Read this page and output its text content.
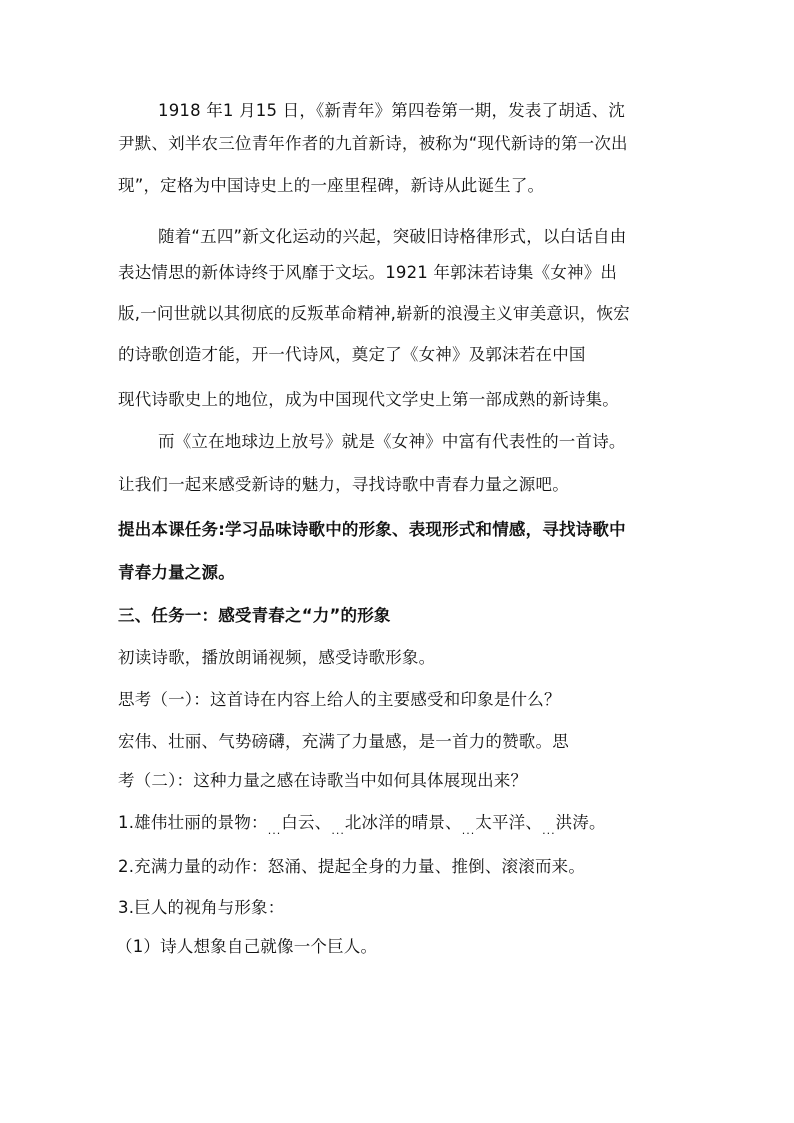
1918 年1 月15 日，《新青年》第四卷第一期，发表了胡适、沈
尹默、刘半农三位青年作者的九首新诗，被称为“现代新诗的第一次出
现”，定格为中国诗史上的一座里程碑，新诗从此诞生了。
随着“五四”新文化运动的兴起，突破旧诗格律形式，以白话自由
表达情思的新体诗终于风靡于文坛。1921 年郭沫若诗集《女神》出
版,一问世就以其彻底的反叛革命精神,崭新的浪漫主义审美意识，恢宏
的诗歌创造才能，开一代诗风，奠定了《女神》及郭沫若在中国
现代诗歌史上的地位，成为中国现代文学史上第一部成熟的新诗集。
而《立在地球边上放号》就是《女神》中富有代表性的一首诗。
让我们一起来感受新诗的魅力，寻找诗歌中青春力量之源吧。
提出本课任务:学习品味诗歌中的形象、表现形式和情感，寻找诗歌中
青春力量之源。
三、任务一：感受青春之“力”的形象
初读诗歌，播放朗诵视频，感受诗歌形象。
思考（一）：这首诗在内容上给人的主要感受和印象是什么？
宏伟、壮丽、气势磅礴，充满了力量感，是一首力的赞歌。思
考（二）：这种力量之感在诗歌当中如何具体展现出来？
1.雄伟壮丽的景物：$_{...}$白云、$_{...}$北冰洋的晴景、$_{...}$太平洋、$_{...}$洪涛。
2.充满力量的动作：怒涌、提起全身的力量、推倒、滚滚而来。
3.巨人的视角与形象：
（1）诗人想象自己就像一个巨人。
